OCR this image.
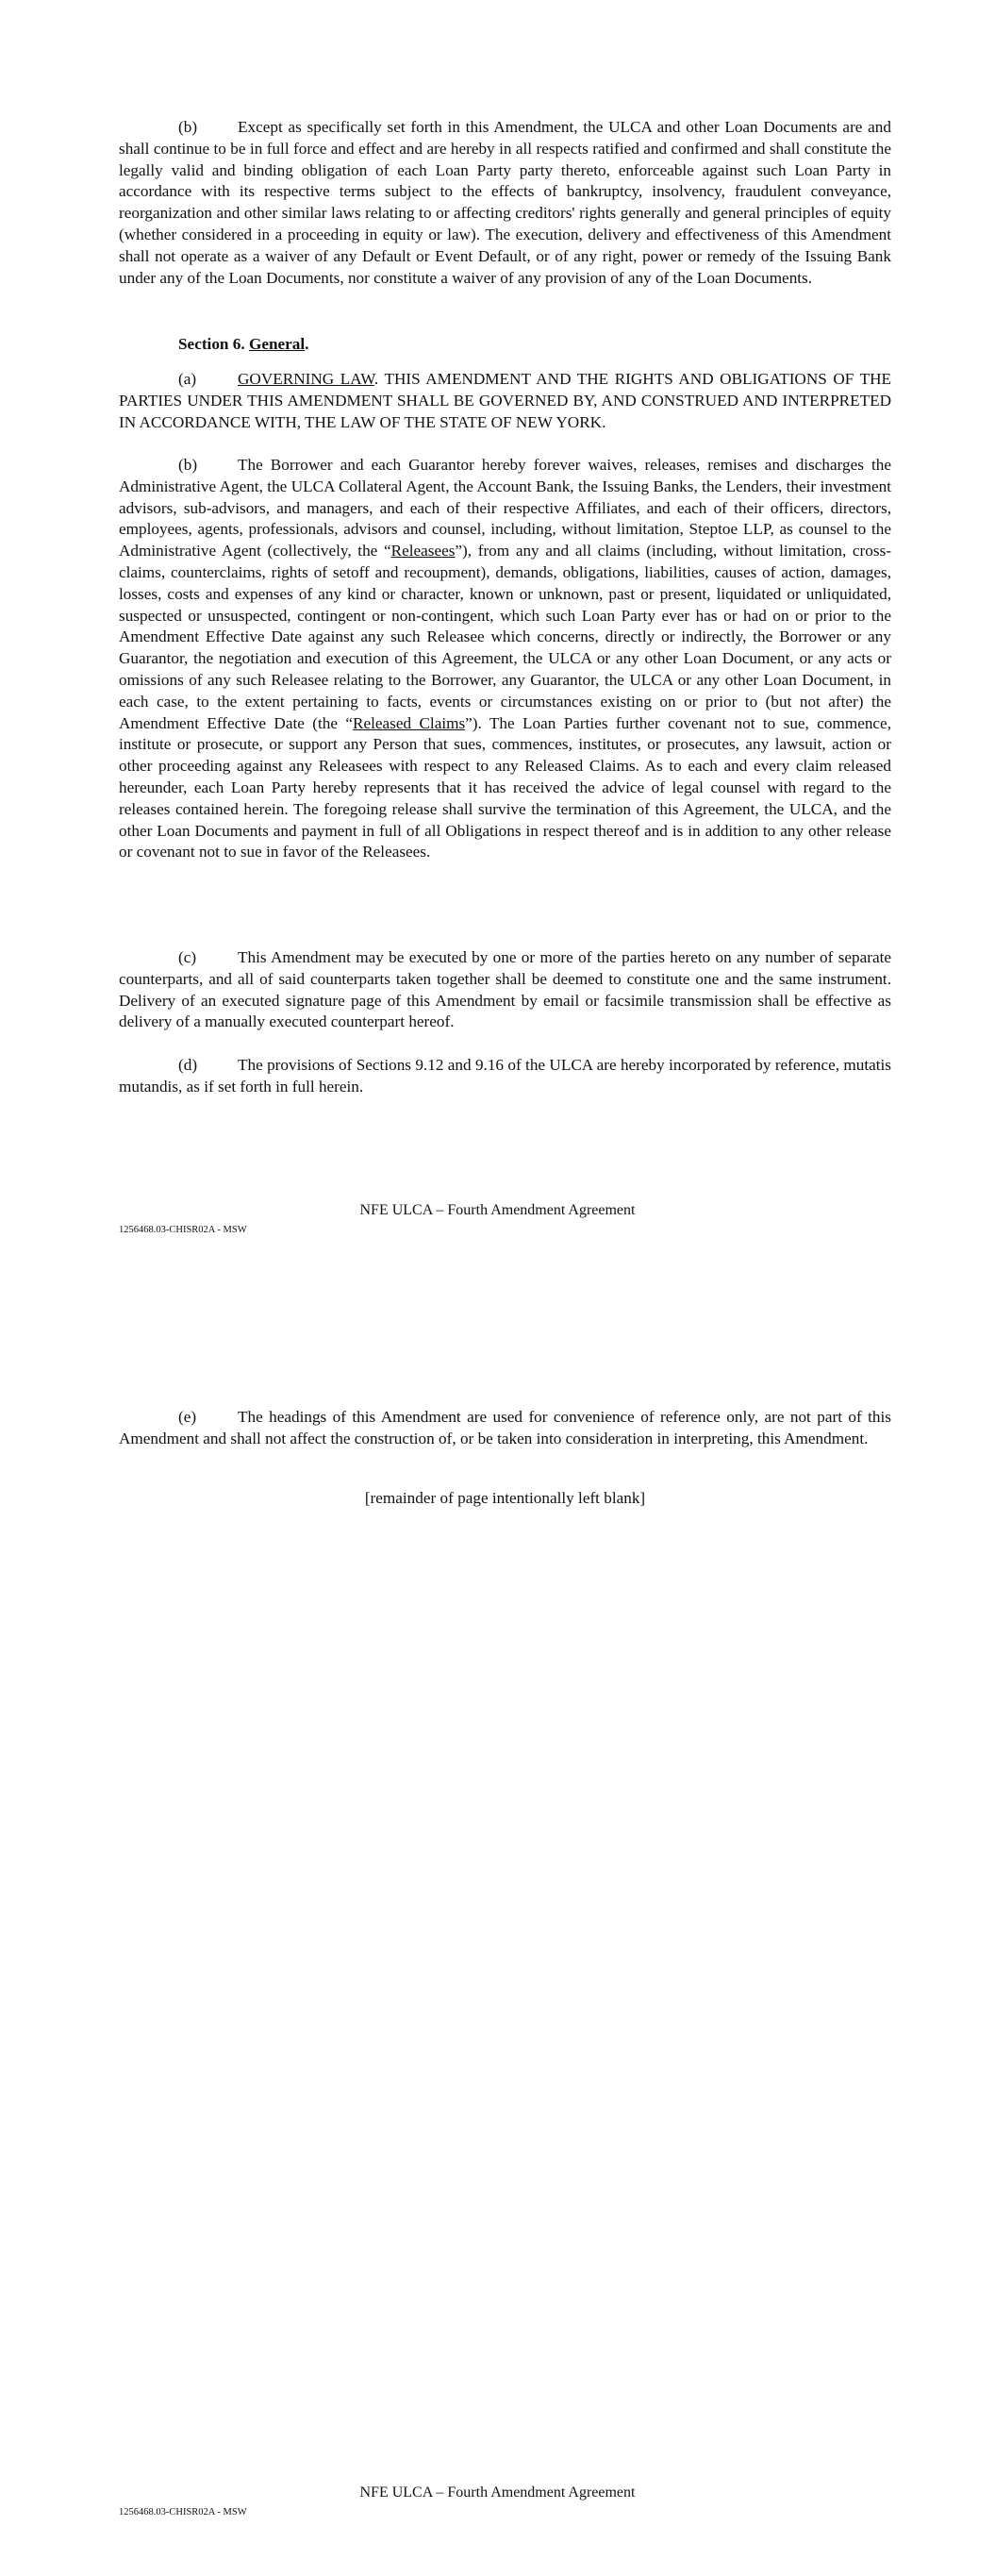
(b) Except as specifically set forth in this Amendment, the ULCA and other Loan Documents are and shall continue to be in full force and effect and are hereby in all respects ratified and confirmed and shall constitute the legally valid and binding obligation of each Loan Party party thereto, enforceable against such Loan Party in accordance with its respective terms subject to the effects of bankruptcy, insolvency, fraudulent conveyance, reorganization and other similar laws relating to or affecting creditors' rights generally and general principles of equity (whether considered in a proceeding in equity or law). The execution, delivery and effectiveness of this Amendment shall not operate as a waiver of any Default or Event Default, or of any right, power or remedy of the Issuing Bank under any of the Loan Documents, nor constitute a waiver of any provision of any of the Loan Documents.

Section 6. General.

(a)	GOVERNING LAW. THIS AMENDMENT AND THE RIGHTS AND OBLIGATIONS OF THE PARTIES UNDER THIS AMENDMENT SHALL BE GOVERNED BY, AND CONSTRUED AND INTERPRETED IN ACCORDANCE WITH, THE LAW OF THE STATE OF NEW YORK.

(b) The Borrower and each Guarantor hereby forever waives, releases, remises and discharges the Administrative Agent, the ULCA Collateral Agent, the Account Bank, the Issuing Banks, the Lenders, their investment advisors, sub-advisors, and managers, and each of their respective Affiliates, and each of their officers, directors, employees, agents, professionals, advisors and counsel, including, without limitation, Steptoe LLP, as counsel to the Administrative Agent (collectively, the “Releasees”), from any and all claims (including, without limitation, cross-claims, counterclaims, rights of setoff and recoupment), demands, obligations, liabilities, causes of action, damages, losses, costs and expenses of any kind or character, known or unknown, past or present, liquidated or unliquidated, suspected or unsuspected, contingent or non-contingent, which such Loan Party ever has or had on or prior to the Amendment Effective Date against any such Releasee which concerns, directly or indirectly, the Borrower or any Guarantor, the negotiation and execution of this Agreement, the ULCA or any other Loan Document, or any acts or omissions of any such Releasee relating to the Borrower, any Guarantor, the ULCA or any other Loan Document, in each case, to the extent pertaining to facts, events or circumstances existing on or prior to (but not after) the Amendment Effective Date (the “Released Claims”). The Loan Parties further covenant not to sue, commence, institute or prosecute, or support any Person that sues, commences, institutes, or prosecutes, any lawsuit, action or other proceeding against any Releasees with respect to any Released Claims. As to each and every claim released hereunder, each Loan Party hereby represents that it has received the advice of legal counsel with regard to the releases contained herein. The foregoing release shall survive the termination of this Agreement, the ULCA, and the other Loan Documents and payment in full of all Obligations in respect thereof and is in addition to any other release or covenant not to sue in favor of the Releasees.

(c)	This Amendment may be executed by one or more of the parties hereto on any number of separate counterparts, and all of said counterparts taken together shall be deemed to constitute one and the same instrument. Delivery of an executed signature page of this Amendment by email or facsimile transmission shall be effective as delivery of a manually executed counterpart hereof.

(d) The provisions of Sections 9.12 and 9.16 of the ULCA are hereby incorporated by reference, mutatis mutandis, as if set forth in full herein.

NFE ULCA – Fourth Amendment Agreement
1256468.03-CHISR02A - MSW

(e)	The headings of this Amendment are used for convenience of reference only, are not part of this Amendment and shall not affect the construction of, or be taken into consideration in interpreting, this Amendment.

[remainder of page intentionally left blank]

NFE ULCA – Fourth Amendment Agreement
1256468.03-CHISR02A - MSW
